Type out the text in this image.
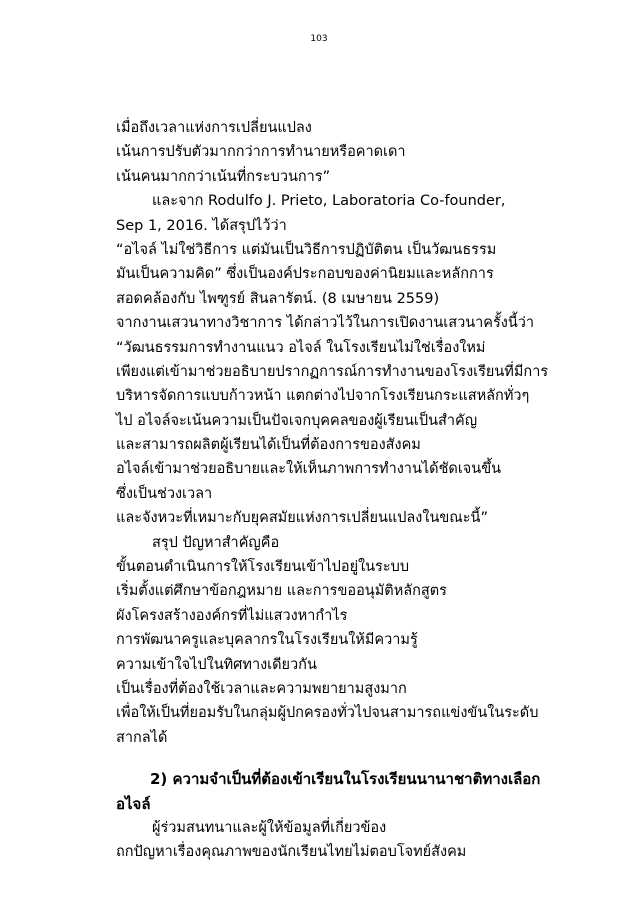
103
เมื่อถึงเวลาแห่งการเปลี่ยนแปลง
เน้นการปรับตัวมากกว่าการทำนายหรือคาดเดา
เน้นคนมากกว่าเน้นที่กระบวนการ”
และจาก Rodulfo J. Prieto, Laboratoria Co-founder,
Sep 1, 2016. ได้สรุปไว้ว่า
“อไจล์ ไม่ใช่วิธีการ แต่มันเป็นวิธีการปฏิบัติตน เป็นวัฒนธรรม
มันเป็นความคิด” ซึ่งเป็นองค์ประกอบของค่านิยมและหลักการ
สอดคล้องกับ ไพฑูรย์ สินลารัตน์. (8 เมษายน 2559)
จากงานเสวนาทางวิชาการ ได้กล่าวไว้ในการเปิดงานเสวนาครั้งนี้ว่า
“วัฒนธรรมการทำงานแนว อไจล์ ในโรงเรียนไม่ใช่เรื่องใหม่
เพียงแต่เข้ามาช่วยอธิบายปรากฏการณ์การทำงานของโรงเรียนที่มีการ
บริหารจัดการแบบก้าวหน้า แตกต่างไปจากโรงเรียนกระแสหลักทั่วๆ
ไป อไจล์จะเน้นความเป็นปัจเจกบุคคลของผู้เรียนเป็นสำคัญ
และสามารถผลิตผู้เรียนได้เป็นที่ต้องการของสังคม
อไจล์เข้ามาช่วยอธิบายและให้เห็นภาพการทำงานได้ชัดเจนขึ้น
ซึ่งเป็นช่วงเวลา
และจังหวะที่เหมาะกับยุคสมัยแห่งการเปลี่ยนแปลงในขณะนี้”
สรุป ปัญหาสำคัญคือ
ขั้นตอนดำเนินการให้โรงเรียนเข้าไปอยู่ในระบบ
เริ่มตั้งแต่ศึกษาข้อกฎหมาย และการขออนุมัติหลักสูตร
ผังโครงสร้างองค์กรที่ไม่แสวงหากำไร
การพัฒนาครูและบุคลากรในโรงเรียนให้มีความรู้
ความเข้าใจไปในทิศทางเดียวกัน
เป็นเรื่องที่ต้องใช้เวลาและความพยายามสูงมาก
เพื่อให้เป็นที่ยอมรับในกลุ่มผู้ปกครองทั่วไปจนสามารถแข่งขันในระดับ
สากลได้
2) ความจำเป็นที่ต้องเข้าเรียนในโรงเรียนนานาชาติทางเลือก
อไจล์
ผู้ร่วมสนทนาและผู้ให้ข้อมูลที่เกี่ยวข้อง
ถกปัญหาเรื่องคุณภาพของนักเรียนไทยไม่ตอบโจทย์สังคม
